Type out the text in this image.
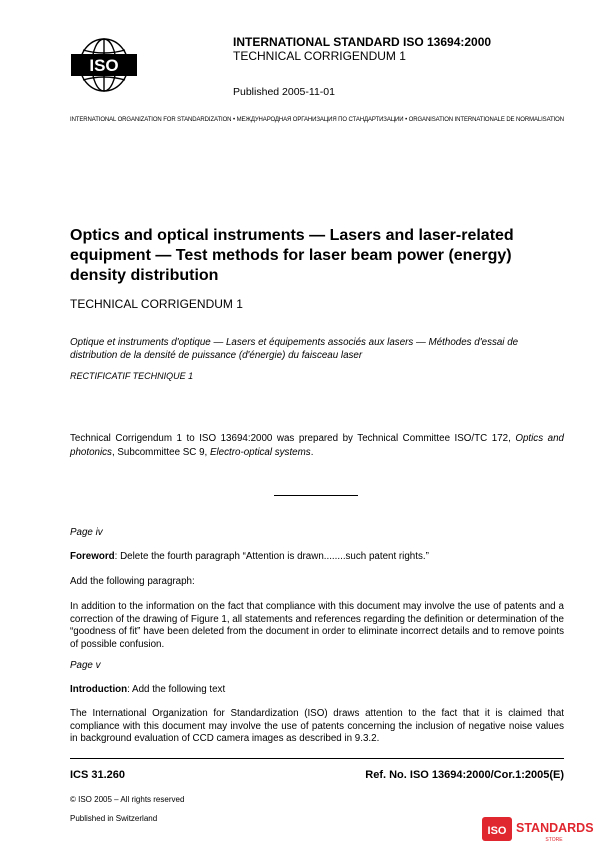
ISO
INTERNATIONAL STANDARD ISO 13694:2000
TECHNICAL CORRIGENDUM 1
Published 2005-11-01
INTERNATIONAL ORGANIZATION FOR STANDARDIZATION • МЕЖДУНАРОДНАЯ ОРГАНИЗАЦИЯ ПО СТАНДАРТИЗАЦИИ • ORGANISATION INTERNATIONALE DE NORMALISATION
Optics and optical instruments — Lasers and laser-related equipment — Test methods for laser beam power (energy) density distribution
TECHNICAL CORRIGENDUM 1
Optique et instruments d'optique — Lasers et équipements associés aux lasers — Méthodes d'essai de distribution de la densité de puissance (d'énergie) du faisceau laser
RECTIFICATIF TECHNIQUE 1
Technical Corrigendum 1 to ISO 13694:2000 was prepared by Technical Committee ISO/TC 172, Optics and photonics, Subcommittee SC 9, Electro-optical systems.
Page iv
Foreword: Delete the fourth paragraph “Attention is drawn........such patent rights.”
Add the following paragraph:
In addition to the information on the fact that compliance with this document may involve the use of patents and a correction of the drawing of Figure 1, all statements and references regarding the definition or determination of the “goodness of fit” have been deleted from the document in order to eliminate incorrect details and to remove points of possible confusion.
Page v
Introduction: Add the following text
The International Organization for Standardization (ISO) draws attention to the fact that it is claimed that compliance with this document may involve the use of patents concerning the inclusion of negative noise values in background evaluation of CCD camera images as described in 9.3.2.
ICS 31.260	Ref. No. ISO 13694:2000/Cor.1:2005(E)
© ISO 2005 – All rights reserved
Published in Switzerland
ISO STANDARDS
STORE
